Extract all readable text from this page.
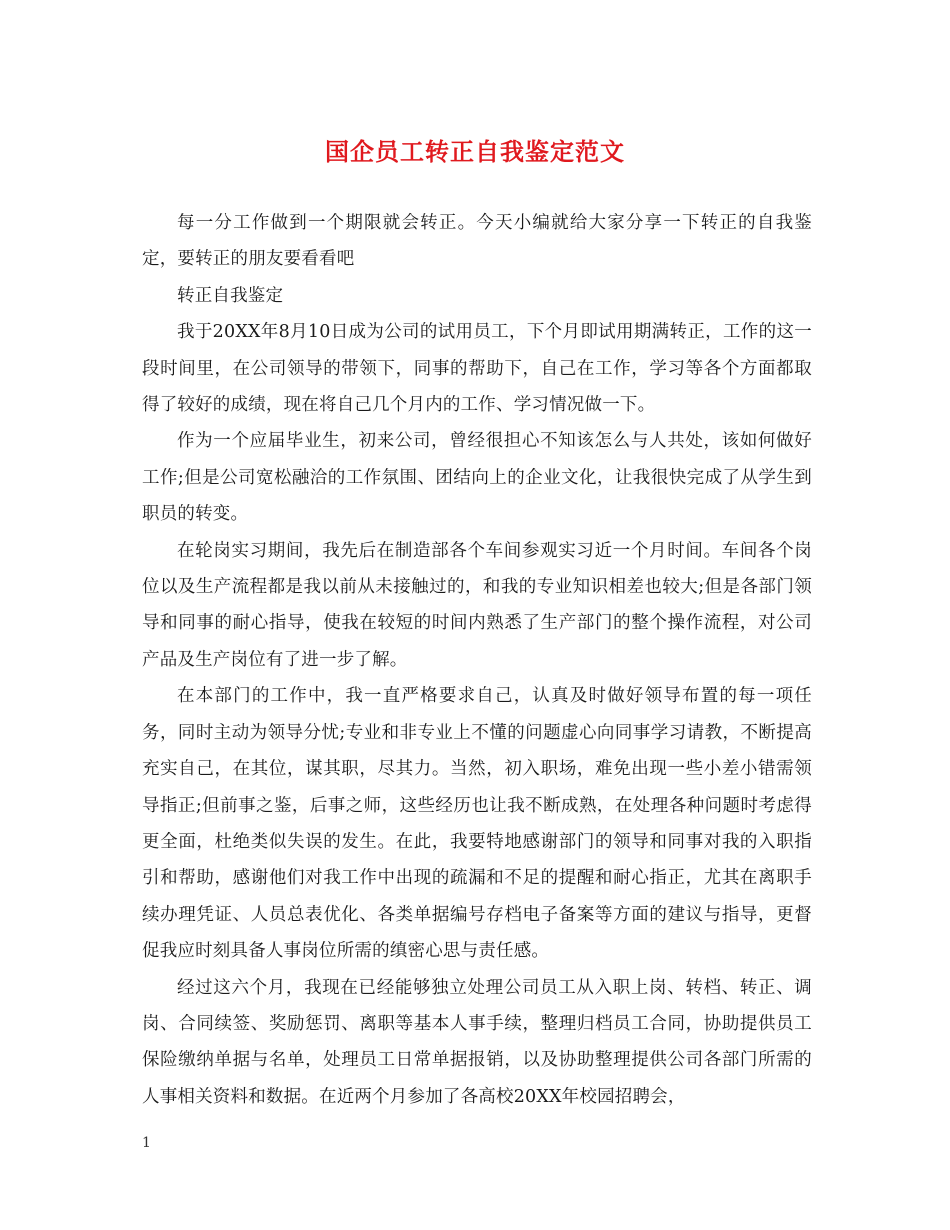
国企员工转正自我鉴定范文

每一分工作做到一个期限就会转正。今天小编就给大家分享一下转正的自我鉴定，要转正的朋友要看看吧

转正自我鉴定

我于20XX年8月10日成为公司的试用员工，下个月即试用期满转正，工作的这一段时间里，在公司领导的带领下，同事的帮助下，自己在工作，学习等各个方面都取得了较好的成绩，现在将自己几个月内的工作、学习情况做一下。

作为一个应届毕业生，初来公司，曾经很担心不知该怎么与人共处，该如何做好工作;但是公司宽松融洽的工作氛围、团结向上的企业文化，让我很快完成了从学生到职员的转变。

在轮岗实习期间，我先后在制造部各个车间参观实习近一个月时间。车间各个岗位以及生产流程都是我以前从未接触过的，和我的专业知识相差也较大;但是各部门领导和同事的耐心指导，使我在较短的时间内熟悉了生产部门的整个操作流程，对公司产品及生产岗位有了进一步了解。

在本部门的工作中，我一直严格要求自己，认真及时做好领导布置的每一项任务，同时主动为领导分忧;专业和非专业上不懂的问题虚心向同事学习请教，不断提高充实自己，在其位，谋其职，尽其力。当然，初入职场，难免出现一些小差小错需领导指正;但前事之鉴，后事之师，这些经历也让我不断成熟，在处理各种问题时考虑得更全面，杜绝类似失误的发生。在此，我要特地感谢部门的领导和同事对我的入职指引和帮助，感谢他们对我工作中出现的疏漏和不足的提醒和耐心指正，尤其在离职手续办理凭证、人员总表优化、各类单据编号存档电子备案等方面的建议与指导，更督促我应时刻具备人事岗位所需的缜密心思与责任感。

经过这六个月，我现在已经能够独立处理公司员工从入职上岗、转档、转正、调岗、合同续签、奖励惩罚、离职等基本人事手续，整理归档员工合同，协助提供员工保险缴纳单据与名单，处理员工日常单据报销，以及协助整理提供公司各部门所需的人事相关资料和数据。在近两个月参加了各高校20XX年校园招聘会，

1
